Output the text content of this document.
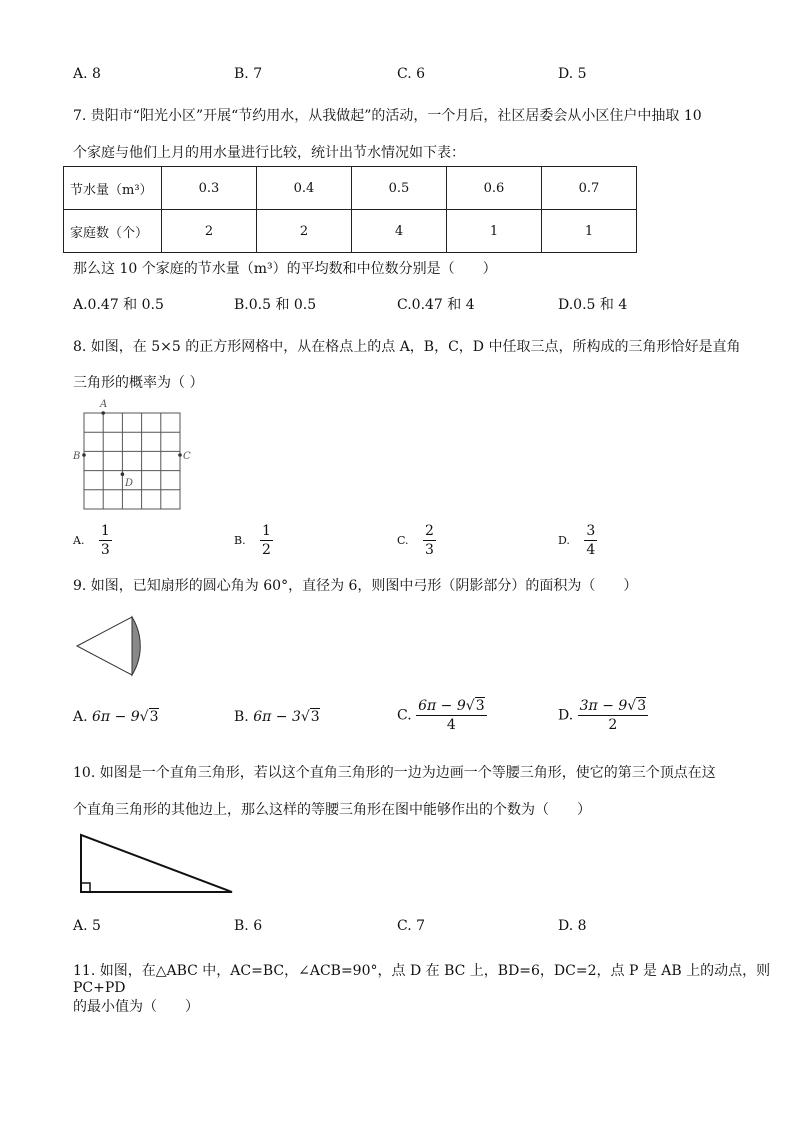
A. 8	B. 7	C. 6	D. 5
7. 贵阳市“阳光小区”开展“节约用水，从我做起”的活动，一个月后，社区居委会从小区住户中抽取 10
个家庭与他们上月的用水量进行比较，统计出节水情况如下表：
节水量（m³）	0.3	0.4	0.5	0.6	0.7
家庭数（个）	2	2	4	1	1
那么这 10 个家庭的节水量（m³）的平均数和中位数分别是（　　）
A.0.47 和 0.5	B.0.5 和 0.5	C.0.47 和 4	D.0.5 和 4
8. 如图，在 5×5 的正方形网格中，从在格点上的点 A，B，C，D 中任取三点，所构成的三角形恰好是直角
三角形的概率为（ ）
A
B	C
D
A. $\frac{1}{3}$	B. $\frac{1}{2}$	C. $\frac{2}{3}$	D. $\frac{3}{4}$
9. 如图，已知扇形的圆心角为 60°，直径为 6，则图中弓形（阴影部分）的面积为（　　）
A. 6π − 9√3	B. 6π − 3√3	C. $\frac{6\pi - 9√3}{4}$	D. $\frac{3\pi - 9√3}{2}$
10. 如图是一个直角三角形，若以这个直角三角形的一边为边画一个等腰三角形，使它的第三个顶点在这
个直角三角形的其他边上，那么这样的等腰三角形在图中能够作出的个数为（　　）
A. 5	B. 6	C. 7	D. 8
11. 如图，在△ABC 中，AC=BC，∠ACB=90°，点 D 在 BC 上，BD=6，DC=2，点 P 是 AB 上的动点，则 PC+PD
的最小值为（　　）
